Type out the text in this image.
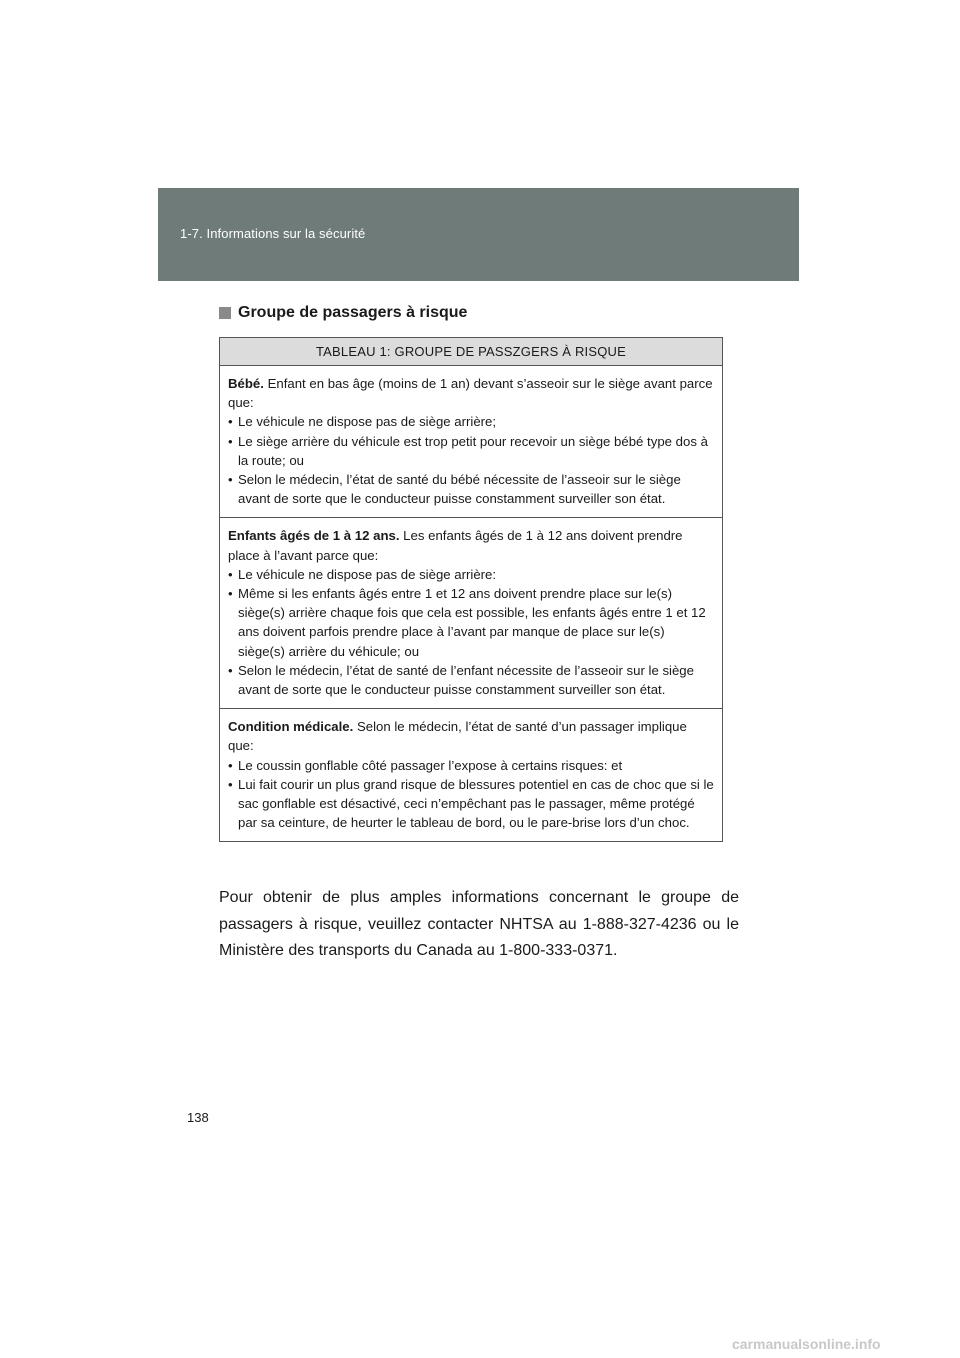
1-7. Informations sur la sécurité
Groupe de passagers à risque
TABLEAU 1: GROUPE DE PASSZGERS À RISQUE
Bébé. Enfant en bas âge (moins de 1 an) devant s’asseoir sur le siège avant parce que:
• Le véhicule ne dispose pas de siège arrière;
• Le siège arrière du véhicule est trop petit pour recevoir un siège bébé type dos à la route; ou
• Selon le médecin, l’état de santé du bébé nécessite de l’asseoir sur le siège avant de sorte que le conducteur puisse constamment surveiller son état.
Enfants âgés de 1 à 12 ans. Les enfants âgés de 1 à 12 ans doivent prendre place à l’avant parce que:
• Le véhicule ne dispose pas de siège arrière:
• Même si les enfants âgés entre 1 et 12 ans doivent prendre place sur le(s) siège(s) arrière chaque fois que cela est possible, les enfants âgés entre 1 et 12 ans doivent parfois prendre place à l’avant par manque de place sur le(s) siège(s) arrière du véhicule; ou
• Selon le médecin, l’état de santé de l’enfant nécessite de l’asseoir sur le siège avant de sorte que le conducteur puisse constamment surveiller son état.
Condition médicale. Selon le médecin, l’état de santé d’un passager implique que:
• Le coussin gonflable côté passager l’expose à certains risques: et
• Lui fait courir un plus grand risque de blessures potentiel en cas de choc que si le sac gonflable est désactivé, ceci n’empêchant pas le passager, même protégé par sa ceinture, de heurter le tableau de bord, ou le pare-brise lors d’un choc.
Pour obtenir de plus amples informations concernant le groupe de passagers à risque, veuillez contacter NHTSA au 1-888-327-4236 ou le Ministère des transports du Canada au 1-800-333-0371.
138
carmanualsonline.info
